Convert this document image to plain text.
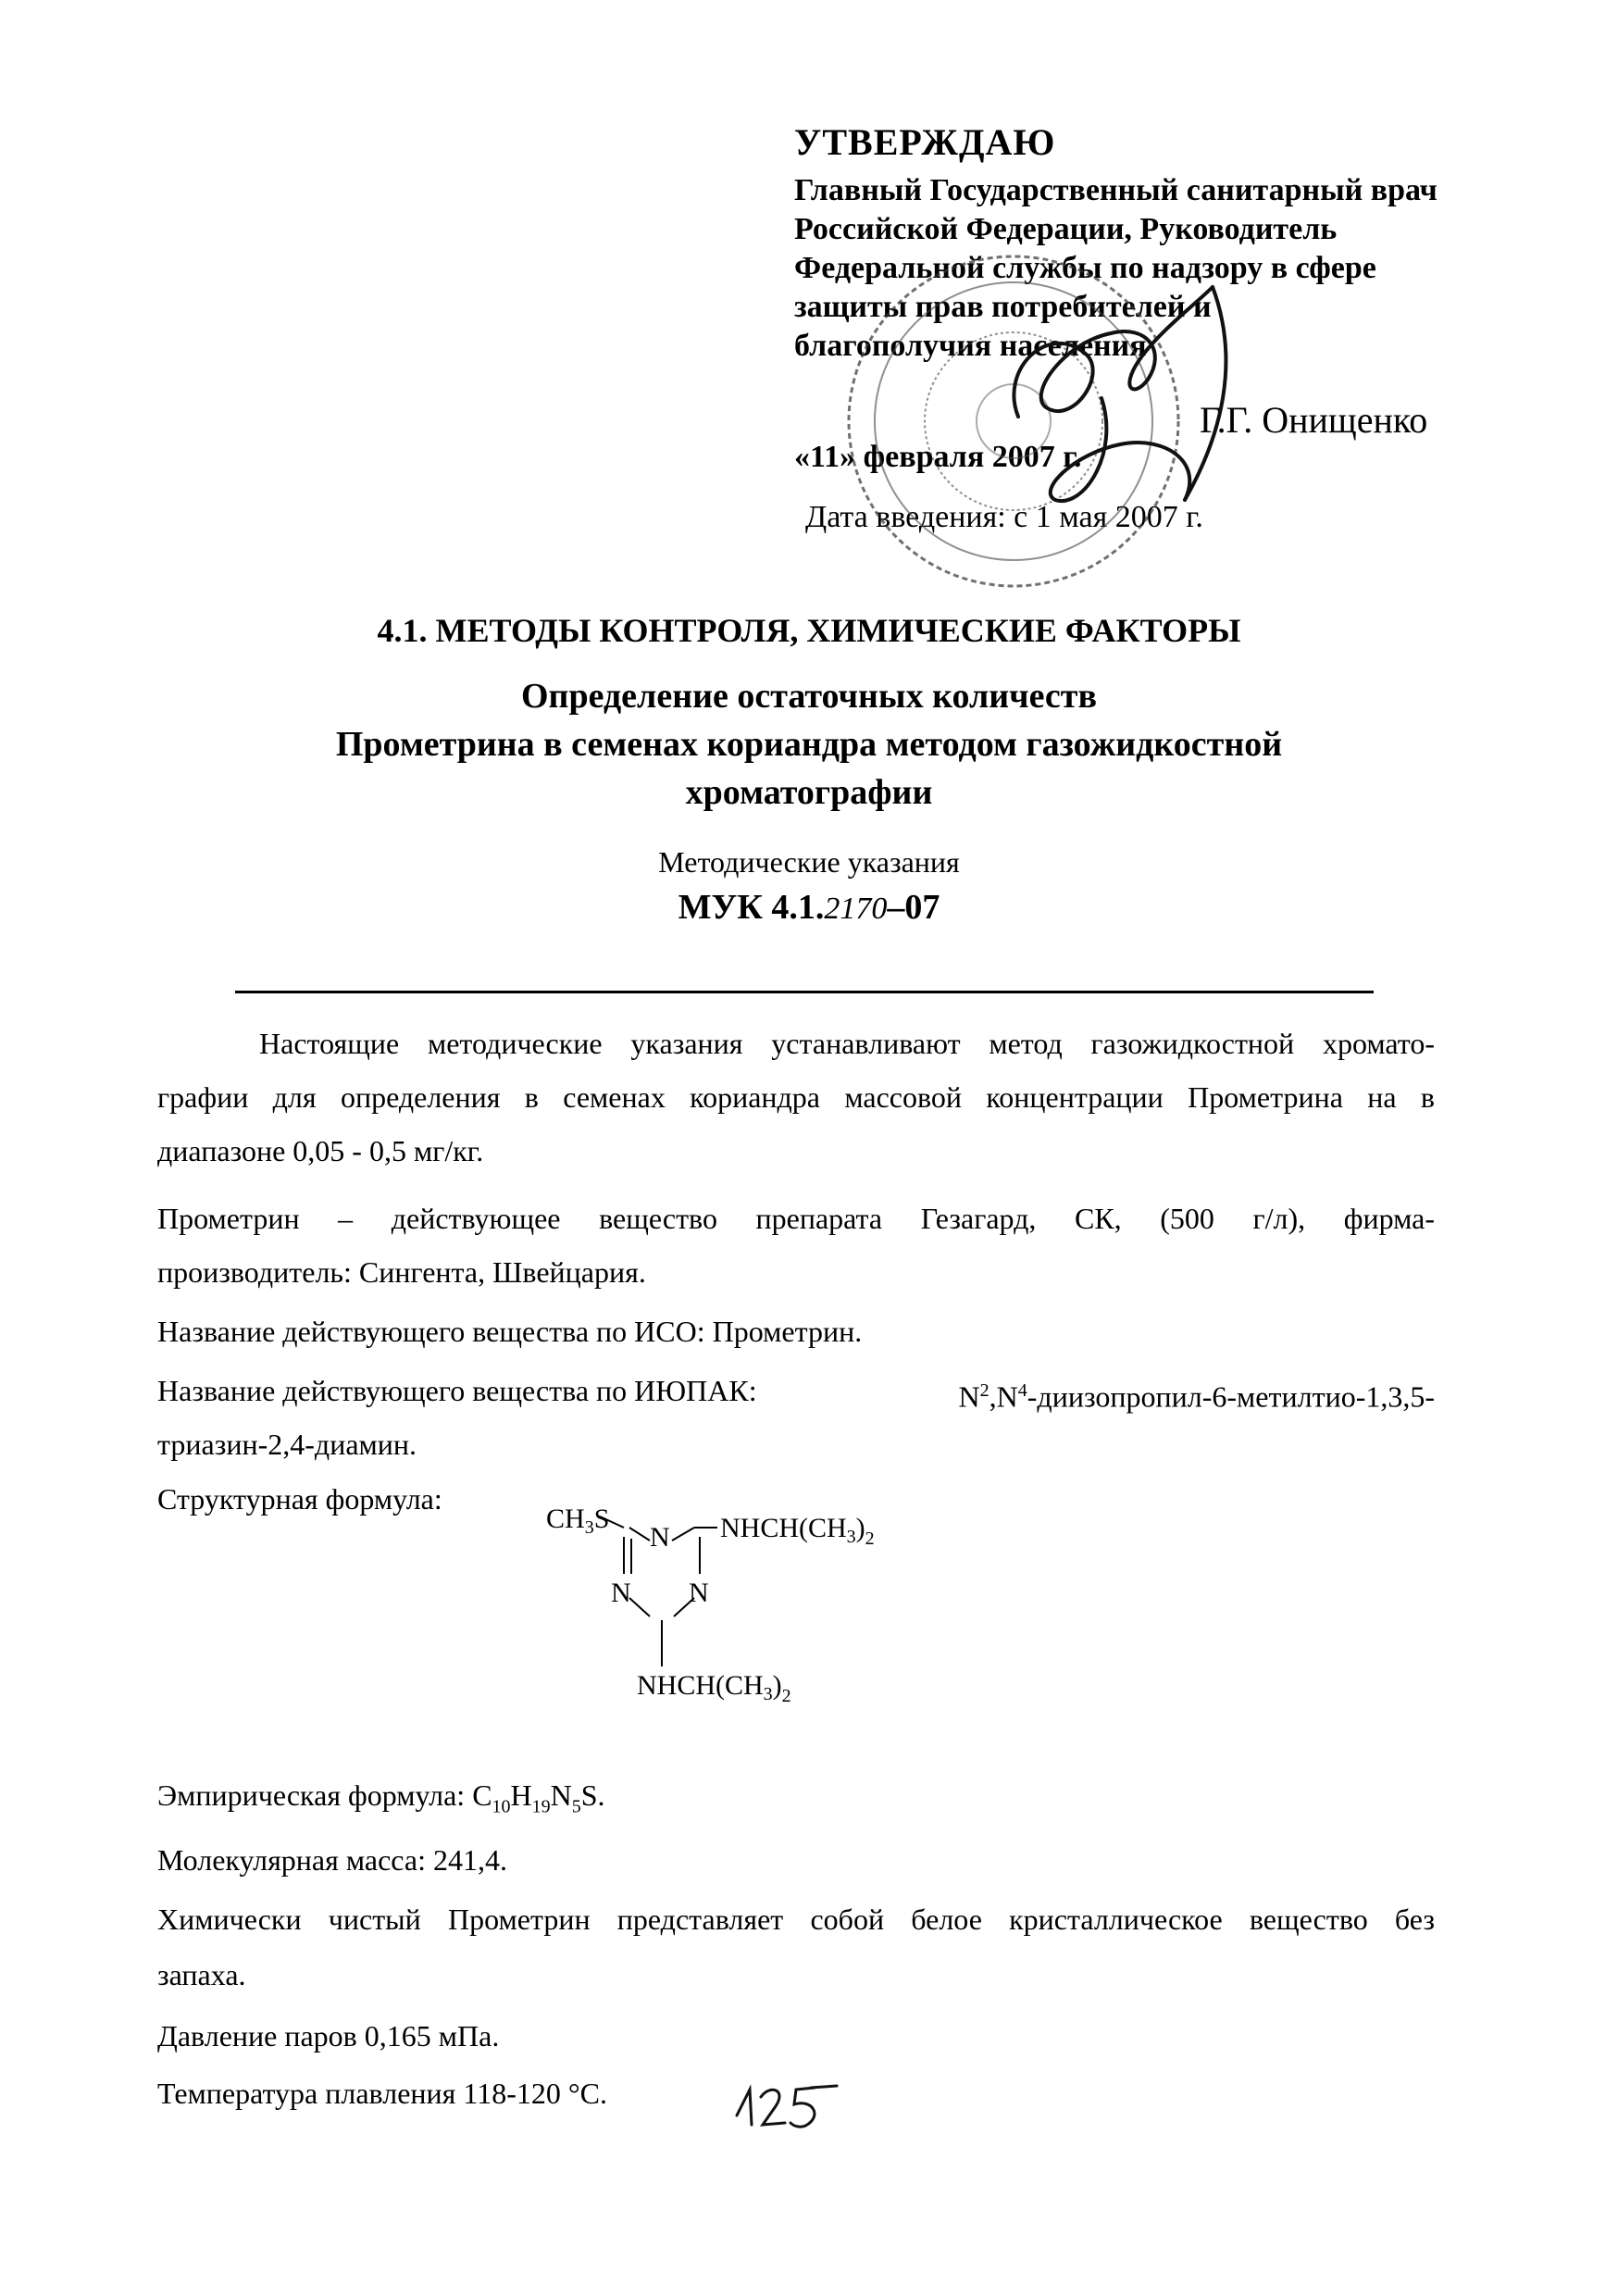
УТВЕРЖДАЮ
Главный Государственный санитарный врач
Российской Федерации, Руководитель
Федеральной службы по надзору в сфере
защиты прав потребителей и
благополучия населения
Г.Г. Онищенко
«11» февраля 2007 г.
Дата введения: с 1 мая 2007 г.
4.1. МЕТОДЫ КОНТРОЛЯ, ХИМИЧЕСКИЕ ФАКТОРЫ
Определение остаточных количеств
Прометрина в семенах кориандра методом газожидкостной
хроматографии
Методические указания
МУК 4.1.2170–07
Настоящие методические указания устанавливают метод газожидкостной хромато-
графии для определения в семенах кориандра массовой концентрации Прометрина на в
диапазоне 0,05 - 0,5 мг/кг.
Прометрин – действующее вещество препарата Гезагард, СК, (500 г/л), фирма-
производитель: Сингента, Швейцария.
Название действующего вещества по ИСО: Прометрин.
Название действующего вещества по ИЮПАК:	$N^2,N^4-диизопропил-6-метилтио-1,3,5-$
триазин-2,4-диамин.
Структурная формула:
$CH_3S$
N
N N
$NHCH(CH_3)_2$
$NHCH(CH_3)_2$
Эмпирическая формула: $C_{10}H_{19}N_5S$.
Молекулярная масса: 241,4.
Химически чистый Прометрин представляет собой белое кристаллическое вещество без
запаха.
Давление паров 0,165 мПа.
Температура плавления 118-120 °С.
